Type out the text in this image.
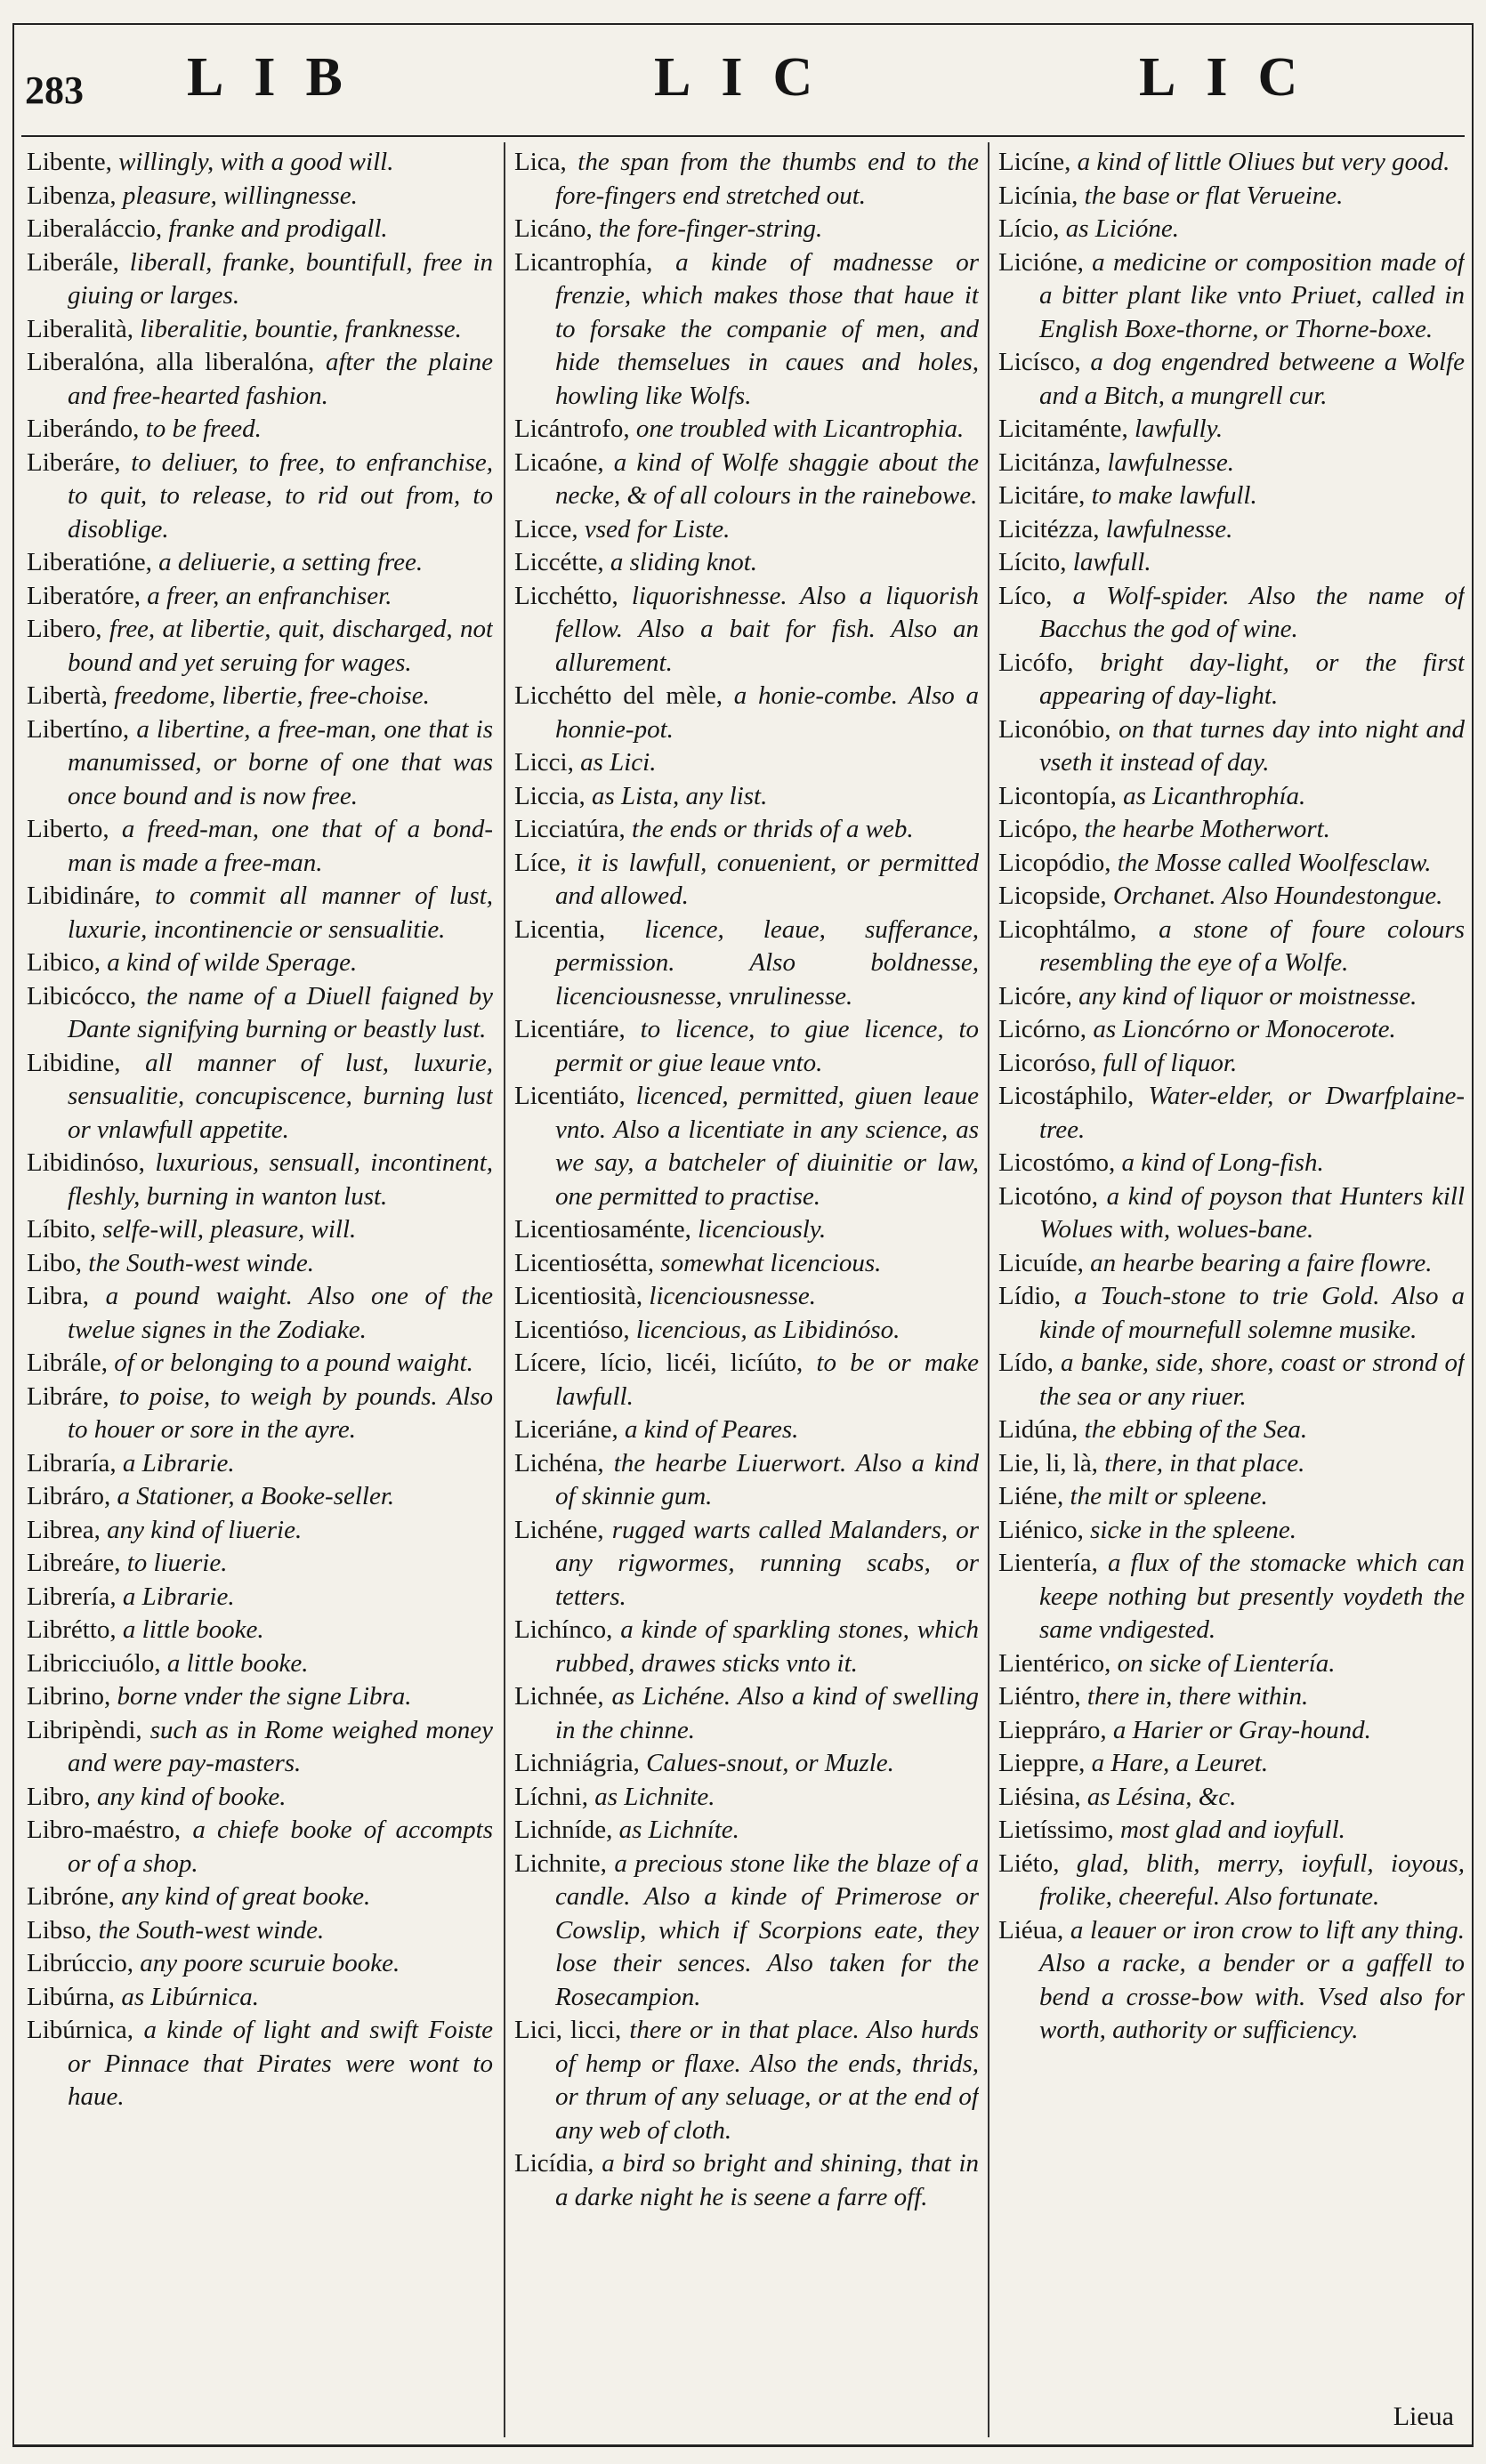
283 LIB	LIC	LIC
Libente, willingly, with a good will.
Libenza, pleasure, willingnesse.
Liberaláccio, franke and prodigall.
Liberále, liberall, franke, bountifull, free in giuing or larges.
Liberalità, liberalitie, bountie, franknesse.
Liberalóna, alla liberalóna, after the plaine and free-hearted fashion.
Liberándo, to be freed.
Liberáre, to deliuer, to free, to enfranchise, to quit, to release, to rid out from, to disoblige.
Liberatióne, a deliuerie, a setting free.
Liberatóre, a freer, an enfranchiser.
Libero, free, at libertie, quit, discharged, not bound and yet seruing for wages.
Libertà, freedome, libertie, free-choise.
Libertíno, a libertine, a free-man, one that is manumissed, or borne of one that was once bound and is now free.
Liberto, a freed-man, one that of a bond-man is made a free-man.
Libidináre, to commit all manner of lust, luxurie, incontinencie or sensualitie.
Libico, a kind of wilde Sperage.
Libicócco, the name of a Diuell faigned by Dante signifying burning or beastly lust.
Libidine, all manner of lust, luxurie, sensualitie, concupiscence, burning lust or vnlawfull appetite.
Libidinóso, luxurious, sensuall, incontinent, fleshly, burning in wanton lust.
Líbito, selfe-will, pleasure, will.
Libo, the South-west winde.
Libra, a pound waight. Also one of the twelue signes in the Zodiake.
Librále, of or belonging to a pound waight.
Libráre, to poise, to weigh by pounds. Also to houer or sore in the ayre.
Libraría, a Librarie.
Libráro, a Stationer, a Booke-seller.
Librea, any kind of liuerie.
Libreáre, to liuerie.
Librería, a Librarie.
Librétto, a little booke.
Libricciuólo, a little booke.
Librino, borne vnder the signe Libra.
Libripèndi, such as in Rome weighed money and were pay-masters.
Libro, any kind of booke.
Libro-maéstro, a chiefe booke of accompts or of a shop.
Libróne, any kind of great booke.
Libso, the South-west winde.
Librúccio, any poore scuruie booke.
Libúrna, as Libúrnica.
Libúrnica, a kinde of light and swift Foiste or Pinnace that Pirates were wont to haue.
Lica, the span from the thumbs end to the fore-fingers end stretched out.
Licáno, the fore-finger-string.
Licantrophía, a kinde of madnesse or frenzie, which makes those that haue it to forsake the companie of men, and hide themselues in caues and holes, howling like Wolfs.
Licántrofo, one troubled with Licantrophia.
Licaóne, a kind of Wolfe shaggie about the necke, & of all colours in the rainebowe.
Licce, vsed for Liste.
Liccétte, a sliding knot.
Licchétto, liquorishnesse. Also a liquorish fellow. Also a bait for fish. Also an allurement.
Licchétto del mèle, a honie-combe. Also a honnie-pot.
Licci, as Lici.
Liccia, as Lista, any list.
Licciatúra, the ends or thrids of a web.
Líce, it is lawfull, conuenient, or permitted and allowed.
Licentia, licence, leaue, sufferance, permission. Also boldnesse, licenciousnesse, vnrulinesse.
Licentiáre, to licence, to giue licence, to permit or giue leaue vnto.
Licentiáto, licenced, permitted, giuen leaue vnto. Also a licentiate in any science, as we say, a batcheler of diuinitie or law, one permitted to practise.
Licentiosaménte, licenciously.
Licentiosétta, somewhat licencious.
Licentiosità, licenciousnesse.
Licentióso, licencious, as Libidinóso.
Lícere, lício, licéi, licíúto, to be or make lawfull.
Liceriáne, a kind of Peares.
Lichéna, the hearbe Liuerwort. Also a kind of skinnie gum.
Lichéne, rugged warts called Malanders, or any rigwormes, running scabs, or tetters.
Lichínco, a kinde of sparkling stones, which rubbed, drawes sticks vnto it.
Lichnée, as Lichéne. Also a kind of swelling in the chinne.
Lichniágria, Calues-snout, or Muzle.
Líchni, as Lichnite.
Lichníde, as Lichníte.
Lichnite, a precious stone like the blaze of a candle. Also a kinde of Primerose or Cowslip, which if Scorpions eate, they lose their sences. Also taken for the Rosecampion.
Lici, licci, there or in that place. Also hurds of hemp or flaxe. Also the ends, thrids, or thrum of any seluage, or at the end of any web of cloth.
Licídia, a bird so bright and shining, that in a darke night he is seene a farre off.
Licíne, a kind of little Oliues but very good.
Licínia, the base or flat Verueine.
Lício, as Licióne.
Licióne, a medicine or composition made of a bitter plant like vnto Priuet, called in English Boxe-thorne, or Thorne-boxe.
Licísco, a dog engendred betweene a Wolfe and a Bitch, a mungrell cur.
Licitaménte, lawfully.
Licitánza, lawfulnesse.
Licitáre, to make lawfull.
Licitézza, lawfulnesse.
Lícito, lawfull.
Líco, a Wolf-spider. Also the name of Bacchus the god of wine.
Licófo, bright day-light, or the first appearing of day-light.
Liconóbio, on that turnes day into night and vseth it instead of day.
Licontopía, as Licanthrophía.
Licópo, the hearbe Motherwort.
Licopódio, the Mosse called Woolfesclaw.
Licopside, Orchanet. Also Houndestongue.
Licophtálmo, a stone of foure colours resembling the eye of a Wolfe.
Licóre, any kind of liquor or moistnesse.
Licórno, as Lioncórno or Monocerote.
Licoróso, full of liquor.
Licostáphilo, Water-elder, or Dwarfplaine-tree.
Licostómo, a kind of Long-fish.
Licotóno, a kind of poyson that Hunters kill Wolues with, wolues-bane.
Licuíde, an hearbe bearing a faire flowre.
Lídio, a Touch-stone to trie Gold. Also a kinde of mournefull solemne musike.
Lído, a banke, side, shore, coast or strond of the sea or any riuer.
Lidúna, the ebbing of the Sea.
Lie, li, là, there, in that place.
Liéne, the milt or spleene.
Liénico, sicke in the spleene.
Lientería, a flux of the stomacke which can keepe nothing but presently voydeth the same vndigested.
Lientérico, on sicke of Lientería.
Liéntro, there in, there within.
Lieppráro, a Harier or Gray-hound.
Lieppre, a Hare, a Leuret.
Liésina, as Lésina, &c.
Lietíssimo, most glad and ioyfull.
Liéto, glad, blith, merry, ioyfull, ioyous, frolike, cheereful. Also fortunate.
Liéua, a leauer or iron crow to lift any thing. Also a racke, a bender or a gaffell to bend a crosse-bow with. Vsed also for worth, authority or sufficiency.
Lieua
